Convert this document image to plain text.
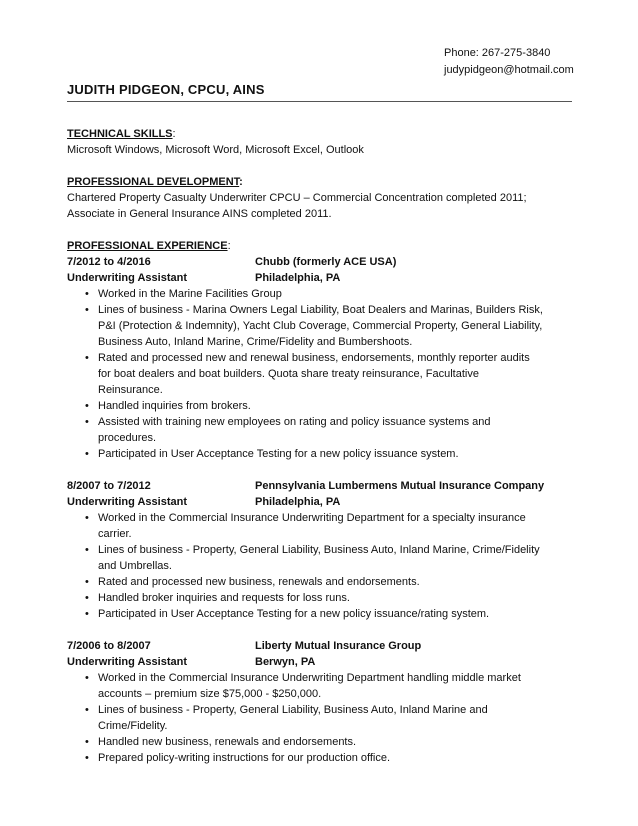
Phone: 267-275-3840
judypidgeon@hotmail.com
JUDITH PIDGEON, CPCU, AINS
TECHNICAL SKILLS:
Microsoft Windows, Microsoft Word, Microsoft Excel, Outlook
PROFESSIONAL DEVELOPMENT:
Chartered Property Casualty Underwriter CPCU – Commercial Concentration completed 2011;
Associate in General Insurance AINS completed 2011.
PROFESSIONAL EXPERIENCE:
7/2012 to 4/2016	Chubb (formerly ACE USA)
Underwriting Assistant	Philadelphia, PA
• Worked in the Marine Facilities Group
• Lines of business - Marina Owners Legal Liability, Boat Dealers and Marinas, Builders Risk,
P&I (Protection & Indemnity), Yacht Club Coverage, Commercial Property, General Liability,
Business Auto, Inland Marine, Crime/Fidelity and Bumbershoots.
• Rated and processed new and renewal business, endorsements, monthly reporter audits
for boat dealers and boat builders. Quota share treaty reinsurance, Facultative
Reinsurance.
• Handled inquiries from brokers.
• Assisted with training new employees on rating and policy issuance systems and
procedures.
• Participated in User Acceptance Testing for a new policy issuance system.
8/2007 to 7/2012	Pennsylvania Lumbermens Mutual Insurance Company
Underwriting Assistant	Philadelphia, PA
• Worked in the Commercial Insurance Underwriting Department for a specialty insurance
carrier.
• Lines of business - Property, General Liability, Business Auto, Inland Marine, Crime/Fidelity
and Umbrellas.
• Rated and processed new business, renewals and endorsements.
• Handled broker inquiries and requests for loss runs.
• Participated in User Acceptance Testing for a new policy issuance/rating system.
7/2006 to 8/2007	Liberty Mutual Insurance Group
Underwriting Assistant	Berwyn, PA
• Worked in the Commercial Insurance Underwriting Department handling middle market
accounts – premium size $75,000 - $250,000.
• Lines of business - Property, General Liability, Business Auto, Inland Marine and
Crime/Fidelity.
• Handled new business, renewals and endorsements.
• Prepared policy-writing instructions for our production office.
